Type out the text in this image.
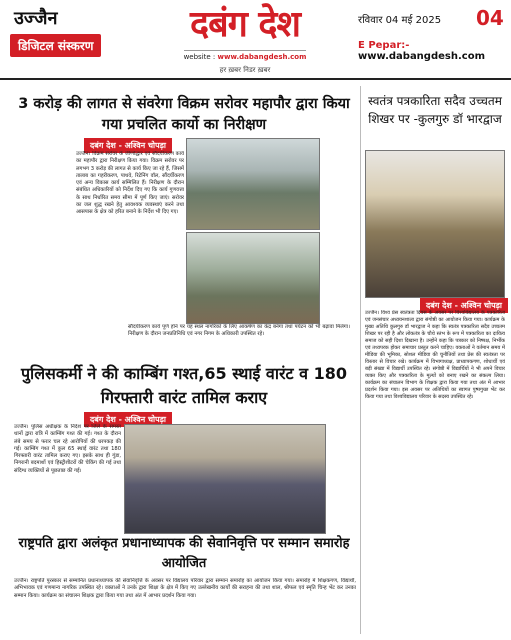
उज्जैन
डिजिटल संस्करण
दबंग देश
website : www.dabangdesh.com
हर ख़बर निडर ख़बर
रविवार 04 मई 2025 04
E Pepar:- www.dabangdesh.com
3 करोड़ की लागत से संवरेगा विक्रम सरोवर महापौर द्वारा किया गया प्रचलित कार्यो का निरीक्षण
दबंग देश - अश्विन चोपड़ा
उज्जैन। विक्रम सरोवर के जीर्णोद्धार एवं सौंदर्यीकरण कार्य का महापौर द्वारा निरीक्षण किया गया। विक्रम सरोवर पर लगभग 3 करोड़ की लागत से कार्य किए जा रहे हैं, जिसमें तालाब का गहरीकरण, पाथवे, रिटेनिंग वॉल, सौंदर्यीकरण एवं अन्य विकास कार्य सम्मिलित हैं। निरीक्षण के दौरान संबंधित अधिकारियों को निर्देश दिए गए कि कार्य गुणवत्ता के साथ निर्धारित समय सीमा में पूर्ण किए जाएं। सरोवर का जल शुद्ध रखने हेतु आवश्यक व्यवस्थाएं करने तथा आसपास के क्षेत्र को हरित बनाने के निर्देश भी दिए गए।
सौंदर्यीकरण कार्य पूर्ण होने पर यह स्थल नागरिकों के लिए आकर्षण का केंद्र बनेगा तथा पर्यटन को भी बढ़ावा मिलेगा। निरीक्षण के दौरान जनप्रतिनिधि एवं नगर निगम के अधिकारी उपस्थित रहे।
पुलिसकर्मी ने की काम्बिंग गश्त,65 स्थाई वारंट व 180 गिरफ्तारी वारंट तामिल कराए
दबंग देश - अश्विन चोपड़ा
उज्जैन। पुलिस अधीक्षक के निर्देश पर जिले के समस्त थानों द्वारा रात्रि में काम्बिंग गश्त की गई। गश्त के दौरान लंबे समय से फरार चल रहे आरोपियों की धरपकड़ की गई। काम्बिंग गश्त में कुल 65 स्थाई वारंट तथा 180 गिरफ्तारी वारंट तामिल कराए गए। इसके साथ ही गुंडा, निगरानी बदमाशों एवं हिस्ट्रीशीटरों की चेकिंग की गई तथा संदिग्ध व्यक्तियों से पूछताछ की गई।
राष्ट्रपति द्वारा अलंकृत प्रधानाध्यापक की सेवानिवृत्ति पर सम्मान समारोह आयोजित
उज्जैन। राष्ट्रपति पुरस्कार से सम्मानित प्रधानाध्यापक की सेवानिवृत्ति के अवसर पर विद्यालय परिवार द्वारा सम्मान समारोह का आयोजन किया गया। समारोह में शिक्षकगण, विद्यार्थी, अभिभावक एवं गणमान्य नागरिक उपस्थित रहे। वक्ताओं ने उनके द्वारा शिक्षा के क्षेत्र में किए गए उल्लेखनीय कार्यों की सराहना की तथा शाल, श्रीफल एवं स्मृति चिन्ह भेंट कर उनका सम्मान किया। कार्यक्रम का संचालन शिक्षक द्वारा किया गया तथा अंत में आभार प्रदर्शन किया गया।
स्वतंत्र पत्रकारिता सदैव उच्चतम शिखर पर -कुलगुरु डॉ भारद्वाज
दबंग देश - अश्विन चोपड़ा

उज्जैन। विश्व प्रेस स्वतंत्रता दिवस के अवसर पर विश्वविद्यालय के पत्रकारिता एवं जनसंचार अध्ययनशाला द्वारा संगोष्ठी का आयोजन किया गया। कार्यक्रम के मुख्य अतिथि कुलगुरु डॉ भारद्वाज ने कहा कि स्वतंत्र पत्रकारिता सदैव उच्चतम शिखर पर रही है और लोकतंत्र के चौथे स्तंभ के रूप में पत्रकारिता का दायित्व समाज को सही दिशा दिखाना है। उन्होंने कहा कि पत्रकार को निष्पक्ष, निर्भीक एवं तथ्यपरक होकर समाचार प्रस्तुत करने चाहिए। वक्ताओं ने वर्तमान समय में मीडिया की भूमिका, सोशल मीडिया की चुनौतियों तथा प्रेस की स्वतंत्रता पर विस्तार से विचार रखे। कार्यक्रम में विभागाध्यक्ष, प्राध्यापकगण, शोधार्थी एवं बड़ी संख्या में विद्यार्थी उपस्थित रहे। संगोष्ठी में विद्यार्थियों ने भी अपने विचार व्यक्त किए और पत्रकारिता के मूल्यों को बनाए रखने का संकल्प लिया। कार्यक्रम का संचालन विभाग के शिक्षक द्वारा किया गया तथा अंत में आभार प्रदर्शन किया गया। इस अवसर पर अतिथियों का स्वागत पुष्पगुच्छ भेंट कर किया गया तथा विश्वविद्यालय परिवार के सदस्य उपस्थित रहे।
